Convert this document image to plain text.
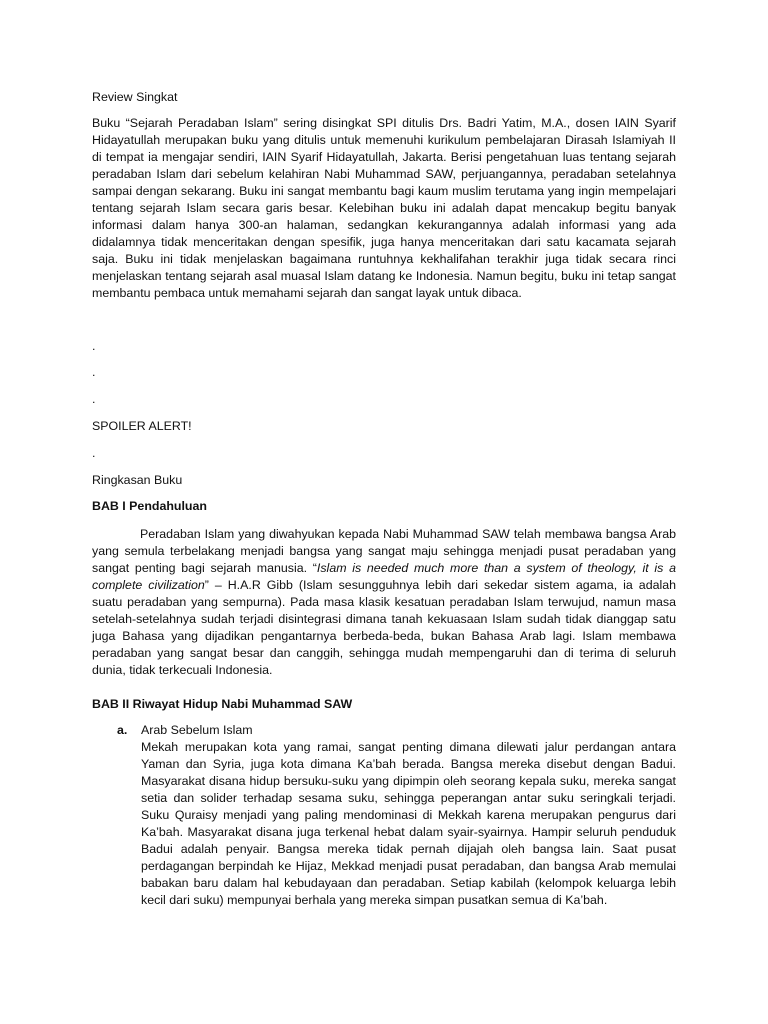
Review Singkat

Buku “Sejarah Peradaban Islam” sering disingkat SPI ditulis Drs. Badri Yatim, M.A., dosen IAIN Syarif Hidayatullah merupakan buku yang ditulis untuk memenuhi kurikulum pembelajaran Dirasah Islamiyah II di tempat ia mengajar sendiri, IAIN Syarif Hidayatullah, Jakarta. Berisi pengetahuan luas tentang sejarah peradaban Islam dari sebelum kelahiran Nabi Muhammad SAW, perjuangannya, peradaban setelahnya sampai dengan sekarang. Buku ini sangat membantu bagi kaum muslim terutama yang ingin mempelajari tentang sejarah Islam secara garis besar. Kelebihan buku ini adalah dapat mencakup begitu banyak informasi dalam hanya 300-an halaman, sedangkan kekurangannya adalah informasi yang ada didalamnya tidak menceritakan dengan spesifik, juga hanya menceritakan dari satu kacamata sejarah saja. Buku ini tidak menjelaskan bagaimana runtuhnya kekhalifahan terakhir juga tidak secara rinci menjelaskan tentang sejarah asal muasal Islam datang ke Indonesia. Namun begitu, buku ini tetap sangat membantu pembaca untuk memahami sejarah dan sangat layak untuk dibaca.

.

.

.

SPOILER ALERT!

.

Ringkasan Buku

BAB I Pendahuluan

Peradaban Islam yang diwahyukan kepada Nabi Muhammad SAW telah membawa bangsa Arab yang semula terbelakang menjadi bangsa yang sangat maju sehingga menjadi pusat peradaban yang sangat penting bagi sejarah manusia. “Islam is needed much more than a system of theology, it is a complete civilization” – H.A.R Gibb (Islam sesungguhnya lebih dari sekedar sistem agama, ia adalah suatu peradaban yang sempurna). Pada masa klasik kesatuan peradaban Islam terwujud, namun masa setelah-setelahnya sudah terjadi disintegrasi dimana tanah kekuasaan Islam sudah tidak dianggap satu juga Bahasa yang dijadikan pengantarnya berbeda-beda, bukan Bahasa Arab lagi. Islam membawa peradaban yang sangat besar dan canggih, sehingga mudah mempengaruhi dan di terima di seluruh dunia, tidak terkecuali Indonesia.

BAB II Riwayat Hidup Nabi Muhammad SAW

a. Arab Sebelum Islam

Mekah merupakan kota yang ramai, sangat penting dimana dilewati jalur perdangan antara Yaman dan Syria, juga kota dimana Ka’bah berada. Bangsa mereka disebut dengan Badui. Masyarakat disana hidup bersuku-suku yang dipimpin oleh seorang kepala suku, mereka sangat setia dan solider terhadap sesama suku, sehingga peperangan antar suku seringkali terjadi. Suku Quraisy menjadi yang paling mendominasi di Mekkah karena merupakan pengurus dari Ka’bah. Masyarakat disana juga terkenal hebat dalam syair-syairnya. Hampir seluruh penduduk Badui adalah penyair. Bangsa mereka tidak pernah dijajah oleh bangsa lain. Saat pusat perdagangan berpindah ke Hijaz, Mekkad menjadi pusat peradaban, dan bangsa Arab memulai babakan baru dalam hal kebudayaan dan peradaban. Setiap kabilah (kelompok keluarga lebih kecil dari suku) mempunyai berhala yang mereka simpan pusatkan semua di Ka’bah.
